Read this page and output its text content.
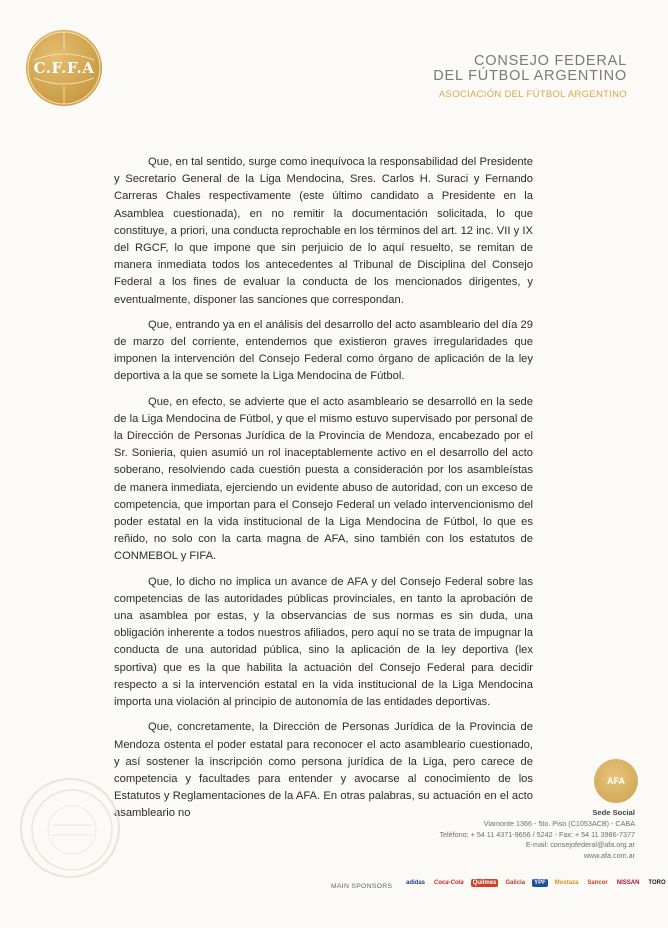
C.F.F.A	CONSEJO FEDERAL
DEL FÚTBOL ARGENTINO
ASOCIACIÓN DEL FÚTBOL ARGENTINO

Que, en tal sentido, surge como inequívoca la responsabilidad del Presidente y Secretario General de la Liga Mendocina, Sres. Carlos H. Suraci y Fernando Carreras Chales respectivamente (este último candidato a Presidente en la Asamblea cuestionada), en no remitir la documentación solicitada, lo que constituye, a priori, una conducta reprochable en los términos del art. 12 inc. VII y IX del RGCF, lo que impone que sin perjuicio de lo aquí resuelto, se remitan de manera inmediata todos los antecedentes al Tribunal de Disciplina del Consejo Federal a los fines de evaluar la conducta de los mencionados dirigentes, y eventualmente, disponer las sanciones que correspondan.

Que, entrando ya en el análisis del desarrollo del acto asambleario del día 29 de marzo del corriente, entendemos que existieron graves irregularidades que imponen la intervención del Consejo Federal como órgano de aplicación de la ley deportiva a la que se somete la Liga Mendocina de Fútbol.

Que, en efecto, se advierte que el acto asambleario se desarrolló en la sede de la Liga Mendocina de Fútbol, y que el mismo estuvo supervisado por personal de la Dirección de Personas Jurídica de la Provincia de Mendoza, encabezado por el Sr. Sonieria, quien asumió un rol inaceptablemente activo en el desarrollo del acto soberano, resolviendo cada cuestión puesta a consideración por los asambleístas de manera inmediata, ejerciendo un evidente abuso de autoridad, con un exceso de competencia, que importan para el Consejo Federal un velado intervencionismo del poder estatal en la vida institucional de la Liga Mendocina de Fútbol, lo que es reñido, no solo con la carta magna de AFA, sino también con los estatutos de CONMEBOL y FIFA.

Que, lo dicho no implica un avance de AFA y del Consejo Federal sobre las competencias de las autoridades públicas provinciales, en tanto la aprobación de una asamblea por estas, y la observancias de sus normas es sin duda, una obligación inherente a todos nuestros afiliados, pero aquí no se trata de impugnar la conducta de una autoridad pública, sino la aplicación de la ley deportiva (lex sportiva) que es la que habilita la actuación del Consejo Federal para decidir respecto a si la intervención estatal en la vida institucional de la Liga Mendocina importa una violación al principio de autonomía de las entidades deportivas.

Que, concretamente, la Dirección de Personas Jurídica de la Provincia de Mendoza ostenta el poder estatal para reconocer el acto asambleario cuestionado, y así sostener la inscripción como persona jurídica de la Liga, pero carece de competencia y facultades para entender y avocarse al conocimiento de los Estatutos y Reglamentaciones de la AFA. En otras palabras, su actuación en el acto asambleario no

AFA
Sede Social
Viamonte 1366 - 5to. Piso (C1053ACB) - CABA
Teléfono: + 54 11 4371-9656 / 5242 - Fax: + 54 11 3986-7377
E-mail: consejofederal@afa.org.ar
www.afa.com.ar
MAIN SPONSORS	adidas	Coca-Cola	Quilmes	Galicia	YPF	Mostaza	Sancor	NISSAN	TORO
